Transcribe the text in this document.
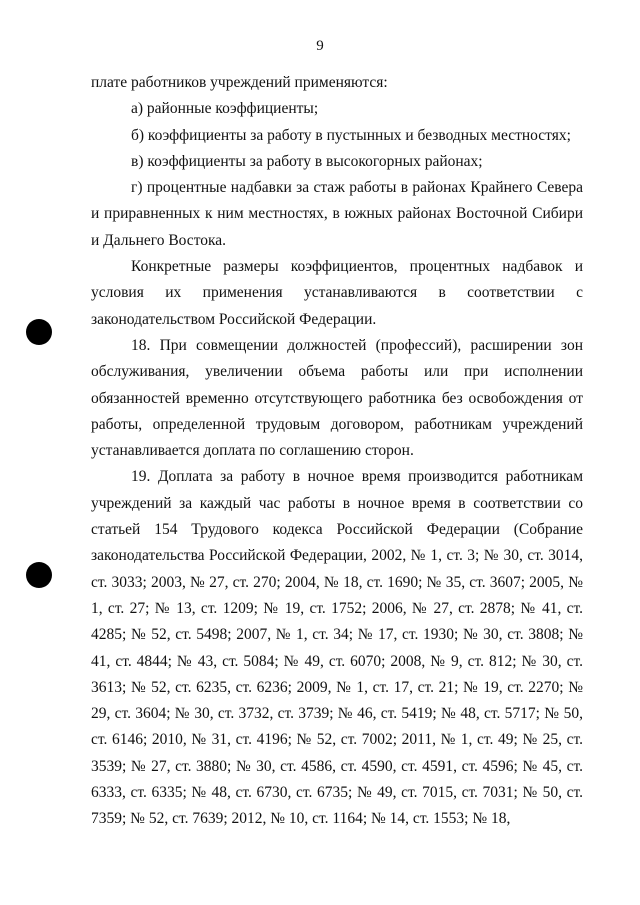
9

плате работников учреждений применяются:

а) районные коэффициенты;

б) коэффициенты за работу в пустынных и безводных местностях;

в) коэффициенты за работу в высокогорных районах;

г) процентные надбавки за стаж работы в районах Крайнего Севера и приравненных к ним местностях, в южных районах Восточной Сибири и Дальнего Востока.

Конкретные размеры коэффициентов, процентных надбавок и условия их применения устанавливаются в соответствии с законодательством Российской Федерации.

18. При совмещении должностей (профессий), расширении зон обслуживания, увеличении объема работы или при исполнении обязанностей временно отсутствующего работника без освобождения от работы, определенной трудовым договором, работникам учреждений устанавливается доплата по соглашению сторон.

19. Доплата за работу в ночное время производится работникам учреждений за каждый час работы в ночное время в соответствии со статьей 154 Трудового кодекса Российской Федерации (Собрание законодательства Российской Федерации, 2002, № 1, ст. 3; № 30, ст. 3014, ст. 3033; 2003, № 27, ст. 270; 2004, № 18, ст. 1690; № 35, ст. 3607; 2005, № 1, ст. 27; № 13, ст. 1209; № 19, ст. 1752; 2006, № 27, ст. 2878; № 41, ст. 4285; № 52, ст. 5498; 2007, № 1, ст. 34; № 17, ст. 1930; № 30, ст. 3808; № 41, ст. 4844; № 43, ст. 5084; № 49, ст. 6070; 2008, № 9, ст. 812; № 30, ст. 3613; № 52, ст. 6235, ст. 6236; 2009, № 1, ст. 17, ст. 21; № 19, ст. 2270; № 29, ст. 3604; № 30, ст. 3732, ст. 3739; № 46, ст. 5419; № 48, ст. 5717; № 50, ст. 6146; 2010, № 31, ст. 4196; № 52, ст. 7002; 2011, № 1, ст. 49; № 25, ст. 3539; № 27, ст. 3880; № 30, ст. 4586, ст. 4590, ст. 4591, ст. 4596; № 45, ст. 6333, ст. 6335; № 48, ст. 6730, ст. 6735; № 49, ст. 7015, ст. 7031; № 50, ст. 7359; № 52, ст. 7639; 2012, № 10, ст. 1164; № 14, ст. 1553; № 18,
